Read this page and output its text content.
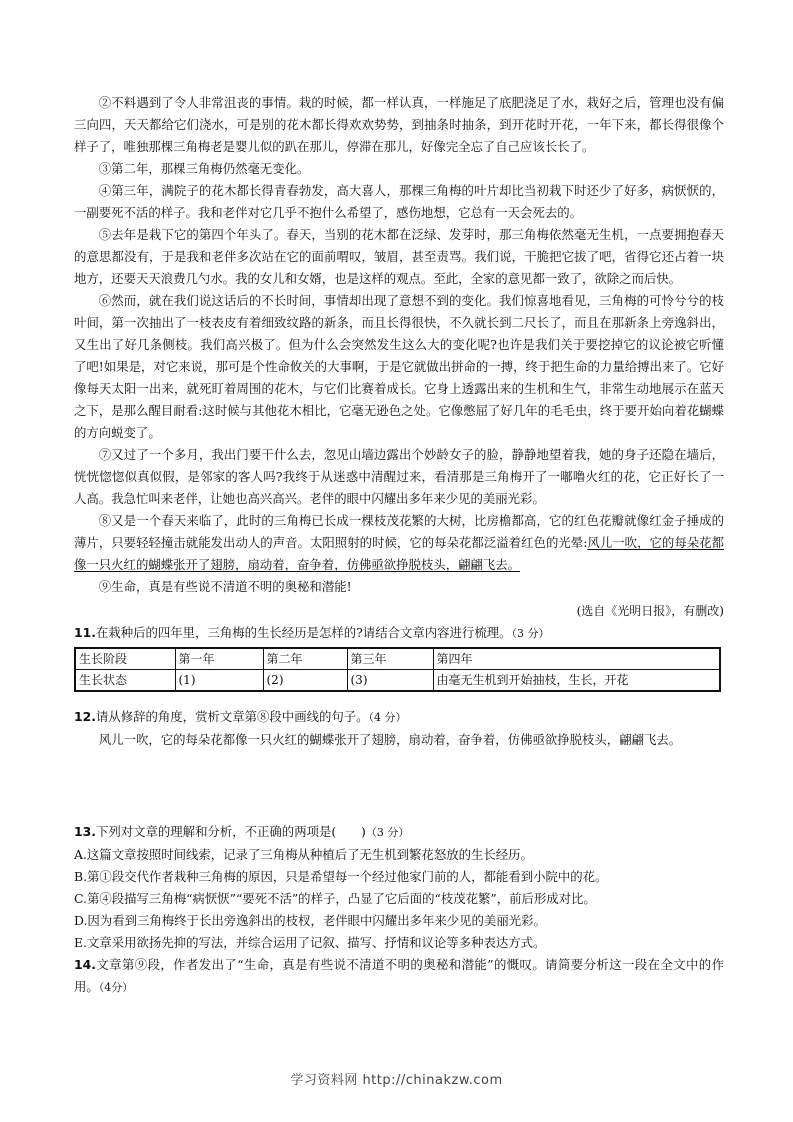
②不料遇到了令人非常沮丧的事情。栽的时候，都一样认真，一样施足了底肥浇足了水，栽好之后，管理也没有偏三向四，天天都给它们浇水，可是别的花木都长得欢欢势势，到抽条时抽条，到开花时开花，一年下来，都长得很像个样子了，唯独那棵三角梅老是婴儿似的趴在那儿，停滞在那儿，好像完全忘了自己应该长长了。

③第二年，那棵三角梅仍然毫无变化。

④第三年，满院子的花木都长得青春勃发，高大喜人，那棵三角梅的叶片却比当初栽下时还少了好多，病恹恹的，一副要死不活的样子。我和老伴对它几乎不抱什么希望了，感伤地想，它总有一天会死去的。

⑤去年是栽下它的第四个年头了。春天，当别的花木都在泛绿、发芽时，那三角梅依然毫无生机，一点要拥抱春天的意思都没有，于是我和老伴多次站在它的面前喟叹，皱眉，甚至责骂。我们说，干脆把它拔了吧，省得它还占着一块地方，还要天天浪费几勺水。我的女儿和女婿，也是这样的观点。至此，全家的意见都一致了，欲除之而后快。

⑥然而，就在我们说这话后的不长时间，事情却出现了意想不到的变化。我们惊喜地看见，三角梅的可怜兮兮的枝叶间，第一次抽出了一枝表皮有着细致纹路的新条，而且长得很快，不久就长到二尺长了，而且在那新条上旁逸斜出，又生出了好几条侧枝。我们高兴极了。但为什么会突然发生这么大的变化呢?也许是我们关于要挖掉它的议论被它听懂了吧!如果是，对它来说，那可是个性命攸关的大事啊，于是它就做出拼命的一搏，终于把生命的力量给搏出来了。它好像每天太阳一出来，就死盯着周围的花木，与它们比赛着成长。它身上透露出来的生机和生气，非常生动地展示在蓝天之下，是那么醒目耐看:这时候与其他花木相比，它毫无逊色之处。它像憋屈了好几年的毛毛虫，终于要开始向着花蝴蝶的方向蜕变了。

⑦又过了一个多月，我出门要干什么去，忽见山墙边露出个妙龄女子的脸，静静地望着我，她的身子还隐在墙后，恍恍惚惚似真似假，是邻家的客人吗?我终于从迷惑中清醒过来，看清那是三角梅开了一嘟噜火红的花，它正好长了一人高。我急忙叫来老伴，让她也高兴高兴。老伴的眼中闪耀出多年来少见的美丽光彩。

⑧又是一个春天来临了，此时的三角梅已长成一棵枝茂花繁的大树，比房檐都高，它的红色花瓣就像红金子捶成的薄片，只要轻轻撞击就能发出动人的声音。太阳照射的时候，它的每朵花都泛溢着红色的光晕:风儿一吹，它的每朵花都像一只火红的蝴蝶张开了翅膀，扇动着，奋争着，仿佛亟欲挣脱枝头，翩翩飞去。

⑨生命，真是有些说不清道不明的奥秘和潜能!

(选自《光明日报》，有删改)

11.在栽种后的四年里，三角梅的生长经历是怎样的?请结合文章内容进行梳理。（3 分）

生长阶段	第一年	第二年	第三年	第四年
生长状态	(1)	(2)	(3)	由毫无生机到开始抽枝，生长，开花

12.请从修辞的角度，赏析文章第⑧段中画线的句子。（4 分）

风儿一吹，它的每朵花都像一只火红的蝴蝶张开了翅膀，扇动着，奋争着，仿佛亟欲挣脱枝头，翩翩飞去。

13.下列对文章的理解和分析，不正确的两项是(　　)（3 分）

A.这篇文章按照时间线索，记录了三角梅从种植后了无生机到繁花怒放的生长经历。

B.第①段交代作者栽种三角梅的原因，只是希望每一个经过他家门前的人，都能看到小院中的花。

C.第④段描写三角梅“病恹恹”“要死不活”的样子，凸显了它后面的“枝茂花繁”，前后形成对比。

D.因为看到三角梅终于长出旁逸斜出的枝杈，老伴眼中闪耀出多年来少见的美丽光彩。

E.文章采用欲扬先抑的写法，并综合运用了记叙、描写、抒情和议论等多种表达方式。

14.文章第⑨段，作者发出了“生命，真是有些说不清道不明的奥秘和潜能”的慨叹。请简要分析这一段在全文中的作用。（4分）

学习资料网 http://chinakzw.com
